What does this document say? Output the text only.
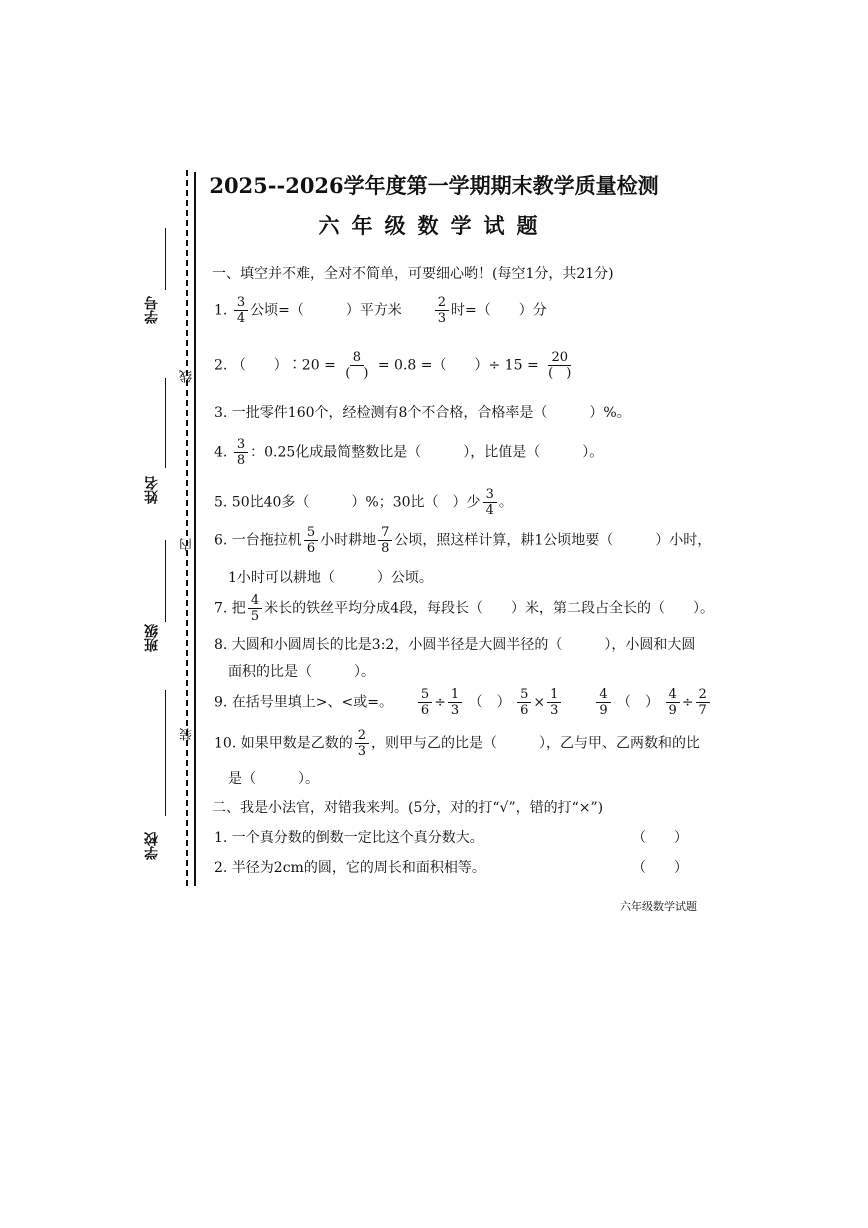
学号
姓名
班级
学校
线
内
装
2025--2026学年度第一学期期末教学质量检测
六年级数学试题
一、填空并不难，全对不简单，可要细心哟！(每空1分，共21分)
1. $\frac{3}{4}$ 公顷=（　　　）平方米	$\frac{2}{3}$ 时=（　　）分
2. （　　）∶20 = $\frac{8}{( )} = 0.8$ =（　　）÷ $15 = \frac{20}{( )}$
3. 一批零件160个，经检测有8个不合格，合格率是（　　　）%。
4. $\frac{3}{8}$ ：0.25化成最简整数比是（　　　），比值是（　　　）。
5. 50比40多（　　　）%；30比（　）少 $\frac{3}{4}$ 。
6. 一台拖拉机 $\frac{5}{6}$ 小时耕地 $\frac{7}{8}$ 公顷，照这样计算，耕1公顷地要（　　　）小时，
1小时可以耕地（　　　）公顷。
7. 把 $\frac{4}{5}$ 米长的铁丝平均分成4段，每段长（　　）米，第二段占全长的（　　）。
8. 大圆和小圆周长的比是3:2，小圆半径是大圆半径的（　　　），小圆和大圆
面积的比是（　　　）。
9. 在括号里填上>、<或=。 $\frac{5}{6} \div \frac{1}{3}$ （　） $\frac{5}{6} \times \frac{1}{3}$
	$\frac{4}{9}$ （　） $\frac{4}{9} \div \frac{2}{7}$
10. 如果甲数是乙数的 $\frac{2}{3}$ ，则甲与乙的比是（　　　），乙与甲、乙两数和的比
是（　　　）。
二、我是小法官，对错我来判。(5分，对的打“√”，错的打“×”)
1. 一个真分数的倒数一定比这个真分数大。	（　　）
2. 半径为2cm的圆，它的周长和面积相等。	（　　）
六年级数学试题
